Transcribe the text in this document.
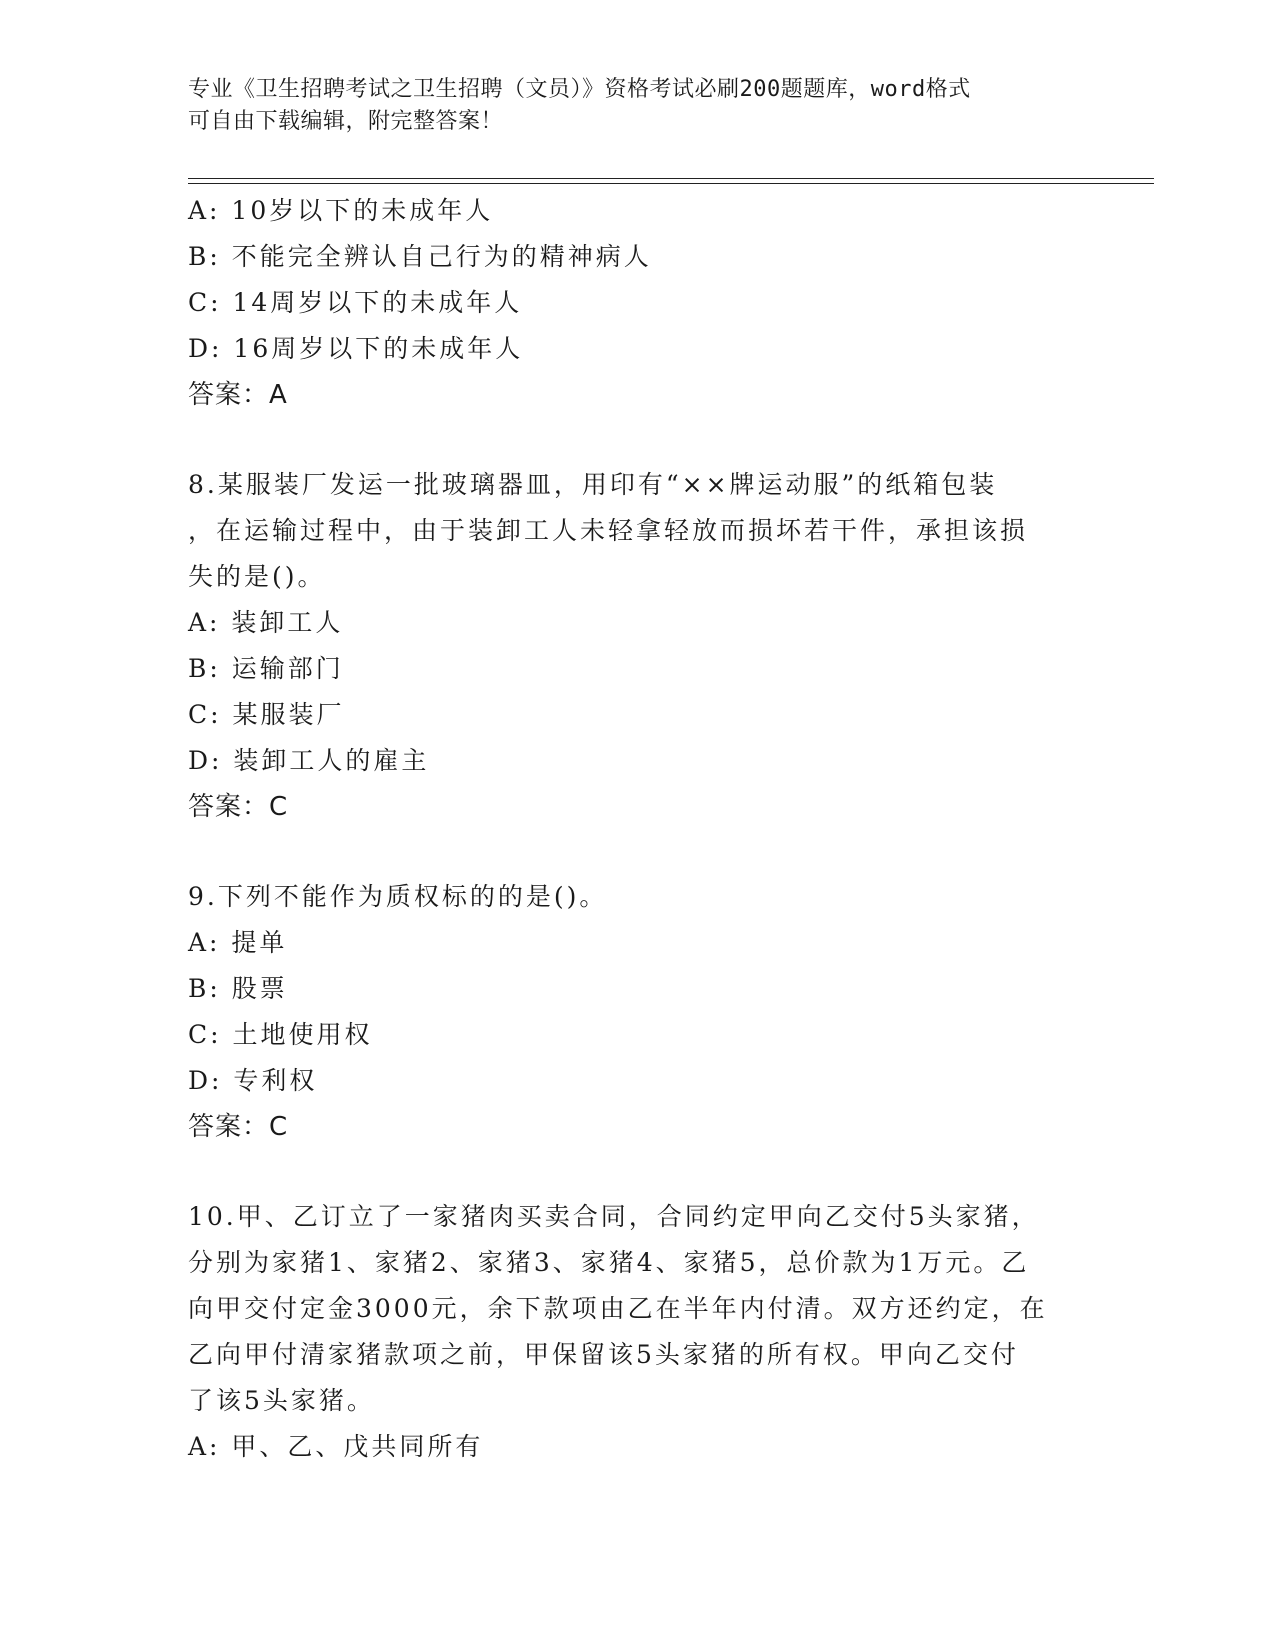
专业《卫生招聘考试之卫生招聘（文员）》资格考试必刷200题题库，word格式
可自由下载编辑，附完整答案！
A: 10岁以下的未成年人
B: 不能完全辨认自己行为的精神病人
C: 14周岁以下的未成年人
D: 16周岁以下的未成年人
答案：A
8.某服装厂发运一批玻璃器皿，用印有“××牌运动服”的纸箱包装
，在运输过程中，由于装卸工人未轻拿轻放而损坏若干件，承担该损
失的是()。
A: 装卸工人
B: 运输部门
C: 某服装厂
D: 装卸工人的雇主
答案：C
9.下列不能作为质权标的的是()。
A: 提单
B: 股票
C: 土地使用权
D: 专利权
答案：C
10.甲、乙订立了一家猪肉买卖合同，合同约定甲向乙交付5头家猪，
分别为家猪1、家猪2、家猪3、家猪4、家猪5，总价款为1万元。乙
向甲交付定金3000元，余下款项由乙在半年内付清。双方还约定，在
乙向甲付清家猪款项之前，甲保留该5头家猪的所有权。甲向乙交付
了该5头家猪。
A: 甲、乙、戊共同所有
